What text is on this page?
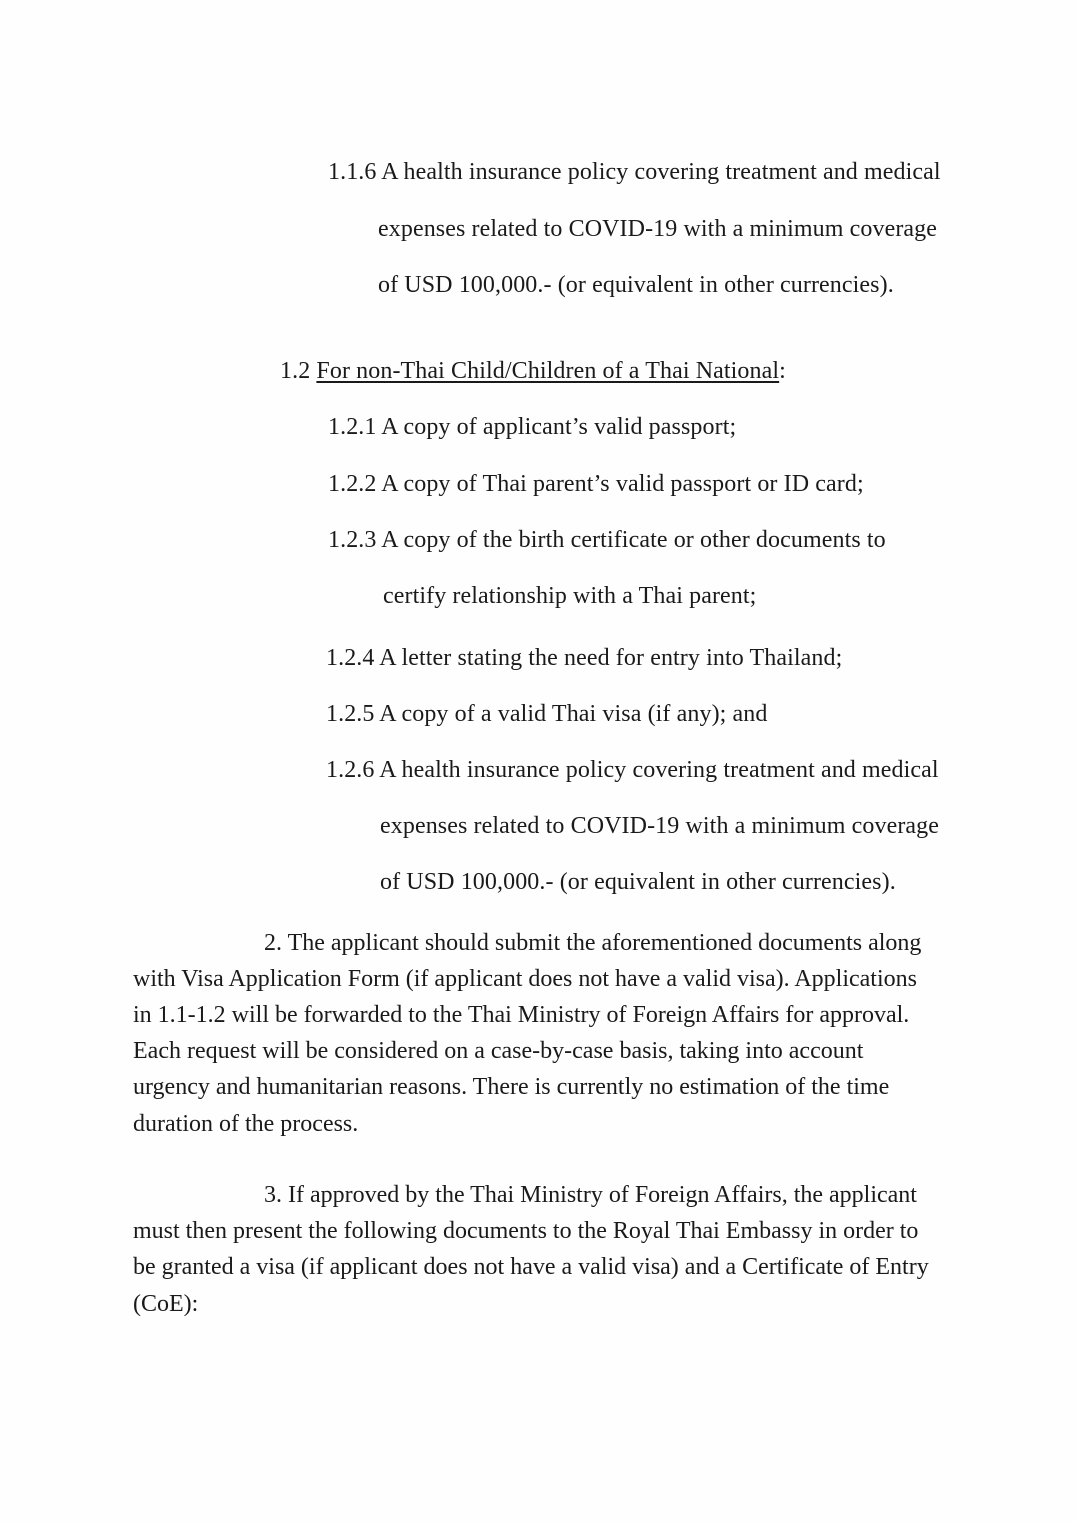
1.1.6 A health insurance policy covering treatment and medical
expenses related to COVID-19 with a minimum coverage
of USD 100,000.- (or equivalent in other currencies).
1.2 For non-Thai Child/Children of a Thai National:
1.2.1 A copy of applicant’s valid passport;
1.2.2 A copy of Thai parent’s valid passport or ID card;
1.2.3 A copy of the birth certificate or other documents to
certify relationship with a Thai parent;
1.2.4 A letter stating the need for entry into Thailand;
1.2.5 A copy of a valid Thai visa (if any); and
1.2.6 A health insurance policy covering treatment and medical
expenses related to COVID-19 with a minimum coverage
of USD 100,000.- (or equivalent in other currencies).
2. The applicant should submit the aforementioned documents along
with Visa Application Form (if applicant does not have a valid visa). Applications
in 1.1-1.2 will be forwarded to the Thai Ministry of Foreign Affairs for approval.
Each request will be considered on a case-by-case basis, taking into account
urgency and humanitarian reasons. There is currently no estimation of the time
duration of the process.
3. If approved by the Thai Ministry of Foreign Affairs, the applicant
must then present the following documents to the Royal Thai Embassy in order to
be granted a visa (if applicant does not have a valid visa) and a Certificate of Entry
(CoE):
